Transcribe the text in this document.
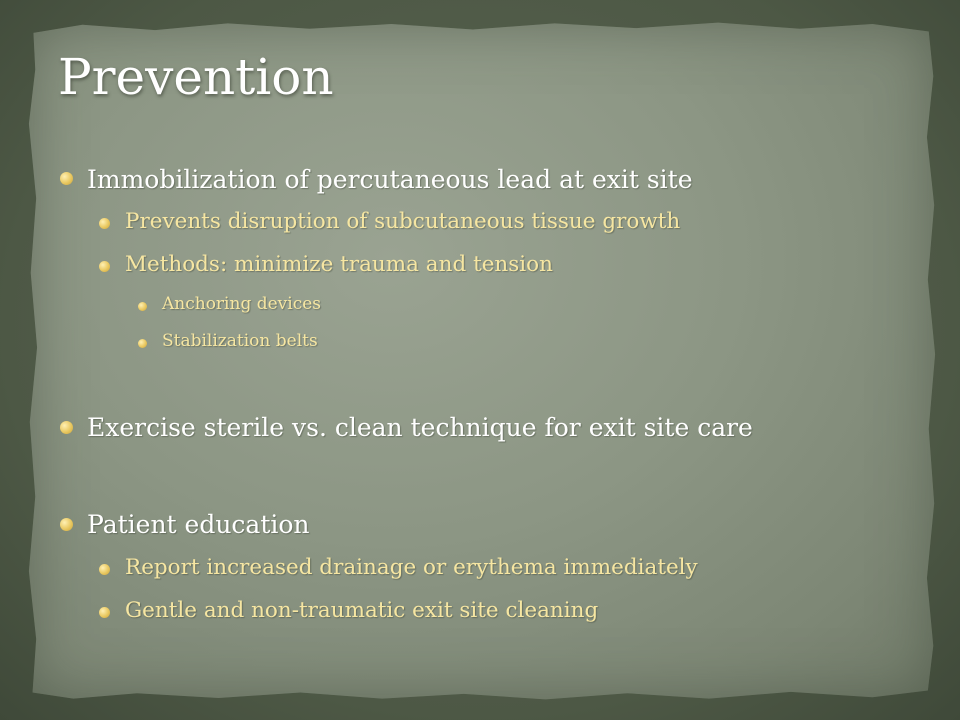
Prevention
Immobilization of percutaneous lead at exit site
Prevents disruption of subcutaneous tissue growth
Methods: minimize trauma and tension
Anchoring devices
Stabilization belts
Exercise sterile vs. clean technique for exit site care
Patient education
Report increased drainage or erythema immediately
Gentle and non-traumatic exit site cleaning
